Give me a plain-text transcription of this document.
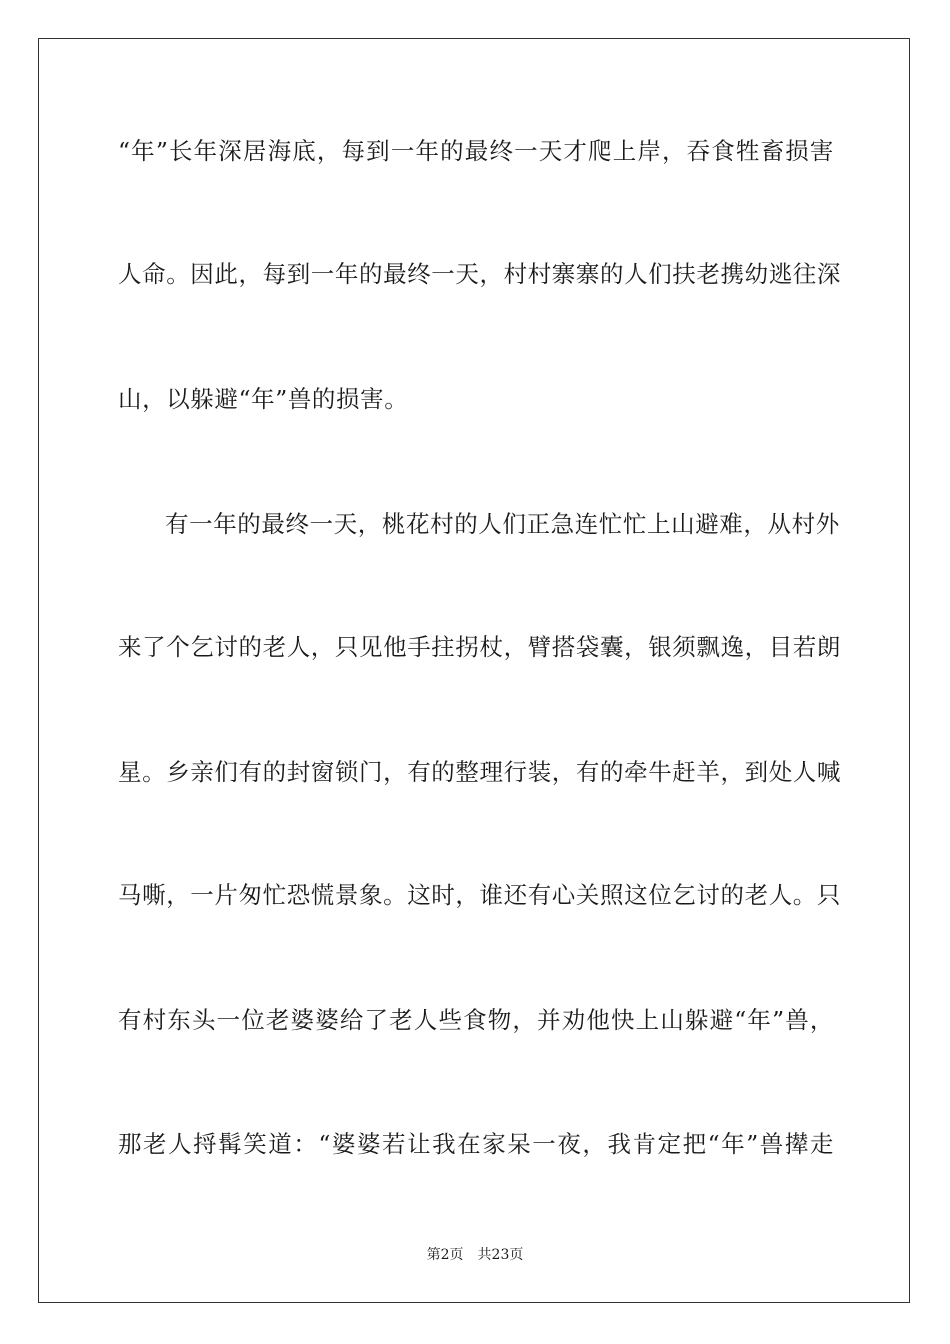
“年”长年深居海底，每到一年的最终一天才爬上岸，吞食牲畜损害
人命。因此，每到一年的最终一天，村村寨寨的人们扶老携幼逃往深
山，以躲避“年”兽的损害。
有一年的最终一天，桃花村的人们正急连忙忙上山避难，从村外
来了个乞讨的老人，只见他手拄拐杖，臂搭袋囊，银须飘逸，目若朗
星。乡亲们有的封窗锁门，有的整理行装，有的牵牛赶羊，到处人喊
马嘶，一片匆忙恐慌景象。这时，谁还有心关照这位乞讨的老人。只
有村东头一位老婆婆给了老人些食物，并劝他快上山躲避“年”兽，
那老人捋髯笑道：“婆婆若让我在家呆一夜，我肯定把“年”兽撵走
第2页 共23页
